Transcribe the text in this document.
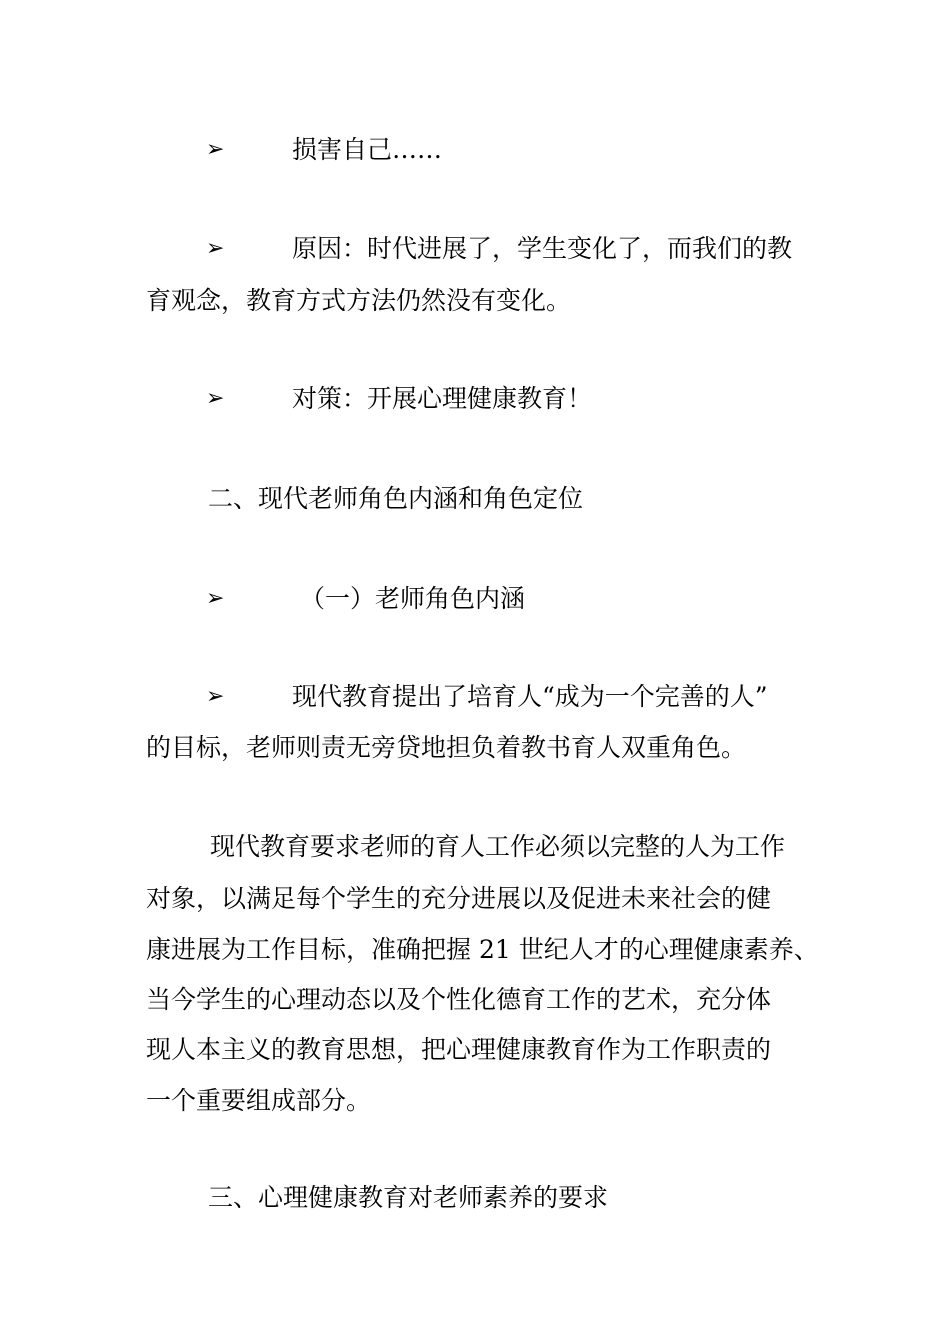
➢	损害自己……
➢	原因：时代进展了，学生变化了，而我们的教
育观念，教育方式方法仍然没有变化。
➢	对策：开展心理健康教育！
二、现代老师角色内涵和角色定位
➢	（一）老师角色内涵
➢	现代教育提出了培育人“成为一个完善的人”
的目标，老师则责无旁贷地担负着教书育人双重角色。
现代教育要求老师的育人工作必须以完整的人为工作
对象，以满足每个学生的充分进展以及促进未来社会的健
康进展为工作目标，准确把握 21 世纪人才的心理健康素养、
当今学生的心理动态以及个性化德育工作的艺术，充分体
现人本主义的教育思想，把心理健康教育作为工作职责的
一个重要组成部分。
三、心理健康教育对老师素养的要求
